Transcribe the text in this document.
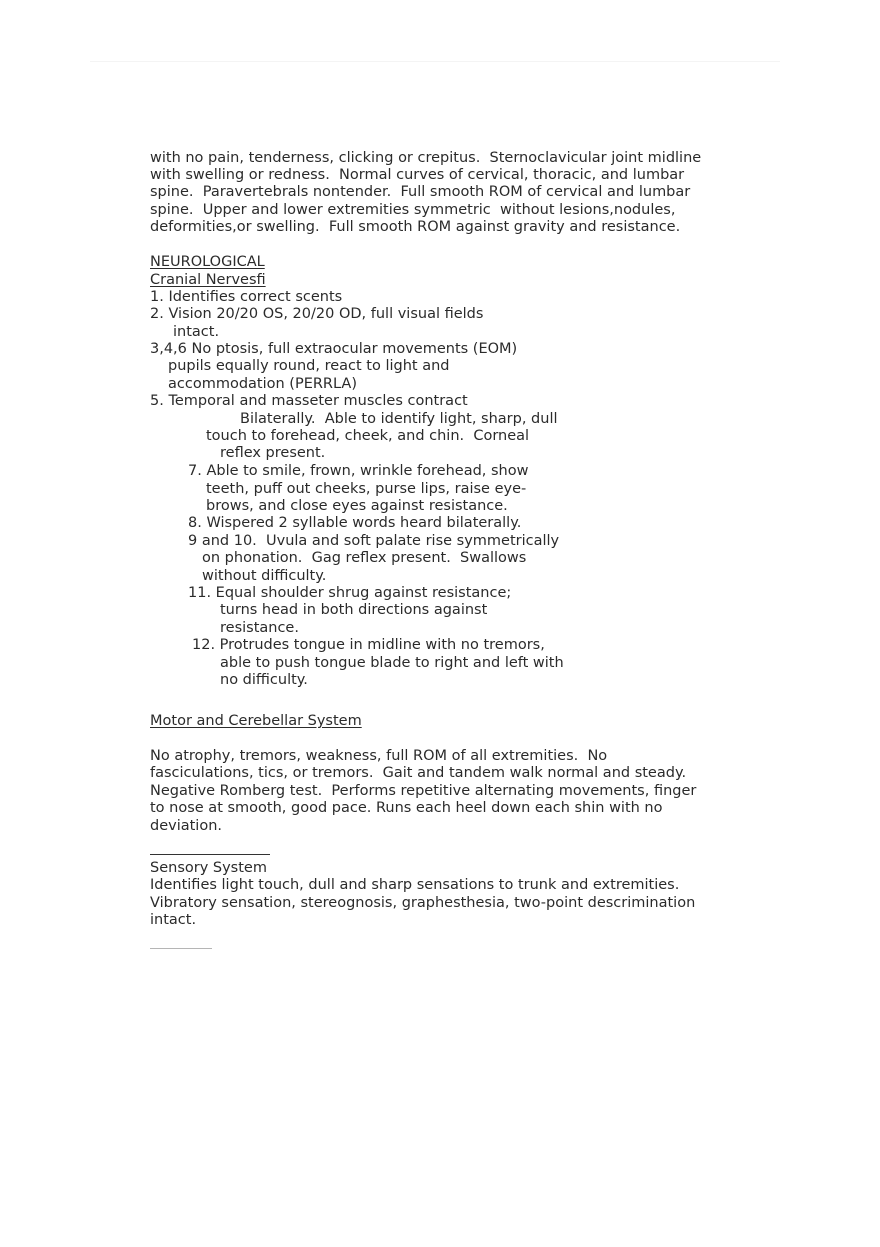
with no pain, tenderness, clicking or crepitus.  Sternoclavicular joint midline
with swelling or redness.  Normal curves of cervical, thoracic, and lumbar
spine.  Paravertebrals nontender.  Full smooth ROM of cervical and lumbar
spine.  Upper and lower extremities symmetric  without lesions,nodules,
deformities,or swelling.  Full smooth ROM against gravity and resistance.
NEUROLOGICAL
Cranial Nervesﬁ
1. Identifies correct scents
2. Vision 20/20 OS, 20/20 OD, full visual fields
intact.
3,4,6 No ptosis, full extraocular movements (EOM)
pupils equally round, react to light and
accommodation (PERRLA)
5. Temporal and masseter muscles contract
Bilaterally.  Able to identify light, sharp, dull
touch to forehead, cheek, and chin.  Corneal
reflex present.
7. Able to smile, frown, wrinkle forehead, show
teeth, puff out cheeks, purse lips, raise eye-
brows, and close eyes against resistance.
8. Wispered 2 syllable words heard bilaterally.
9 and 10.  Uvula and soft palate rise symmetrically
on phonation.  Gag reflex present.  Swallows
without diﬃculty.
11. Equal shoulder shrug against resistance;
turns head in both directions against
resistance.
12. Protrudes tongue in midline with no tremors,
able to push tongue blade to right and left with
no diﬃculty.
Motor and Cerebellar System
No atrophy, tremors, weakness, full ROM of all extremities.  No
fasciculations, tics, or tremors.  Gait and tandem walk normal and steady.
Negative Romberg test.  Performs repetitive alternating movements, finger
to nose at smooth, good pace. Runs each heel down each shin with no
deviation.
Sensory System
Identifies light touch, dull and sharp sensations to trunk and extremities.
Vibratory sensation, stereognosis, graphesthesia, two-point descrimination
intact.
